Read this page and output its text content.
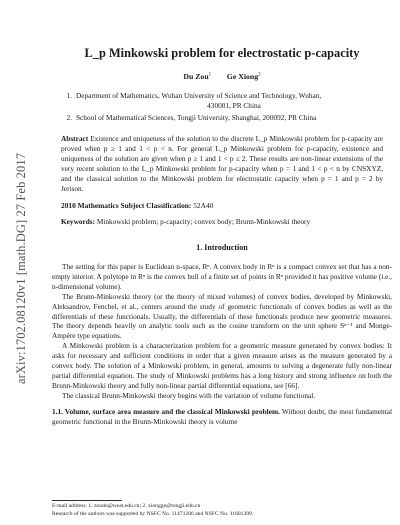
arXiv:1702.08120v1 [math.DG] 27 Feb 2017
L_p Minkowski problem for electrostatic p-capacity
Du Zou$^1$ Ge Xiong$^2$
1. Department of Mathematics, Wuhan University of Science and Technology, Wuhan,

430081, PR China
2. School of Mathematical Sciences, Tongji University, Shanghai, 200092, PR China
Abstract Existence and uniqueness of the solution to the discrete L_p Minkowski problem for p-capacity are proved when p ≥ 1 and 1 < p < n. For general L_p Minkowski problem for p-capacity, existence and uniqueness of the solution are given when p ≥ 1 and 1 < p ≤ 2. These results are non-linear extensions of the very recent solution to the L_p Minkowski problem for p-capacity when p = 1 and 1 < p < n by CNSXYZ, and the classical solution to the Minkowski problem for electrostatic capacity when p = 1 and p = 2 by Jerison.
2010 Mathematics Subject Classification: 52A40
Keywords: Minkowski problem; p-capacity; convex body; Brunn-Minkowski theory
1. Introduction

The setting for this paper is Euclidean n-space, Rⁿ. A convex body in Rⁿ is a compact convex set that has a non-empty interior. A polytope in Rⁿ is the convex hull of a finite set of points in Rⁿ provided it has positive volume (i.e., n-dimensional volume).

The Brunn-Minkowski theory (or the theory of mixed volumes) of convex bodies, developed by Minkowski, Aleksandrov, Fenchel, et al., centers around the study of geometric functionals of convex bodies as well as the differentials of these functionals. Usually, the differentials of these functionals produce new geometric measures. The theory depends heavily on analytic tools such as the cosine transform on the unit sphere Sⁿ⁻¹ and Monge-Ampère type equations.

A Minkowski problem is a characterization problem for a geometric measure generated by convex bodies: It asks for necessary and sufficient conditions in order that a given measure arises as the measure generated by a convex body. The solution of a Minkowski problem, in general, amounts to solving a degenerate fully non-linear partial differential equation. The study of Minkowski problems has a long history and strong influence on both the Brunn-Minkowski theory and fully non-linear partial differential equations, see [66].

The classical Brunn-Minkowski theory begins with the variation of volume functional.

1.1. Volume, surface area measure and the classical Minkowski problem. Without doubt, the most fundamental geometric functional in the Brunn-Minkowski theory is volume
E-mail address: 1. zoudu@wust.edu.cn; 2. xiongge@tongji.edu.cn
Research of the authors was supported by NSFC No. 11471206 and NSFC No. 11601399.
